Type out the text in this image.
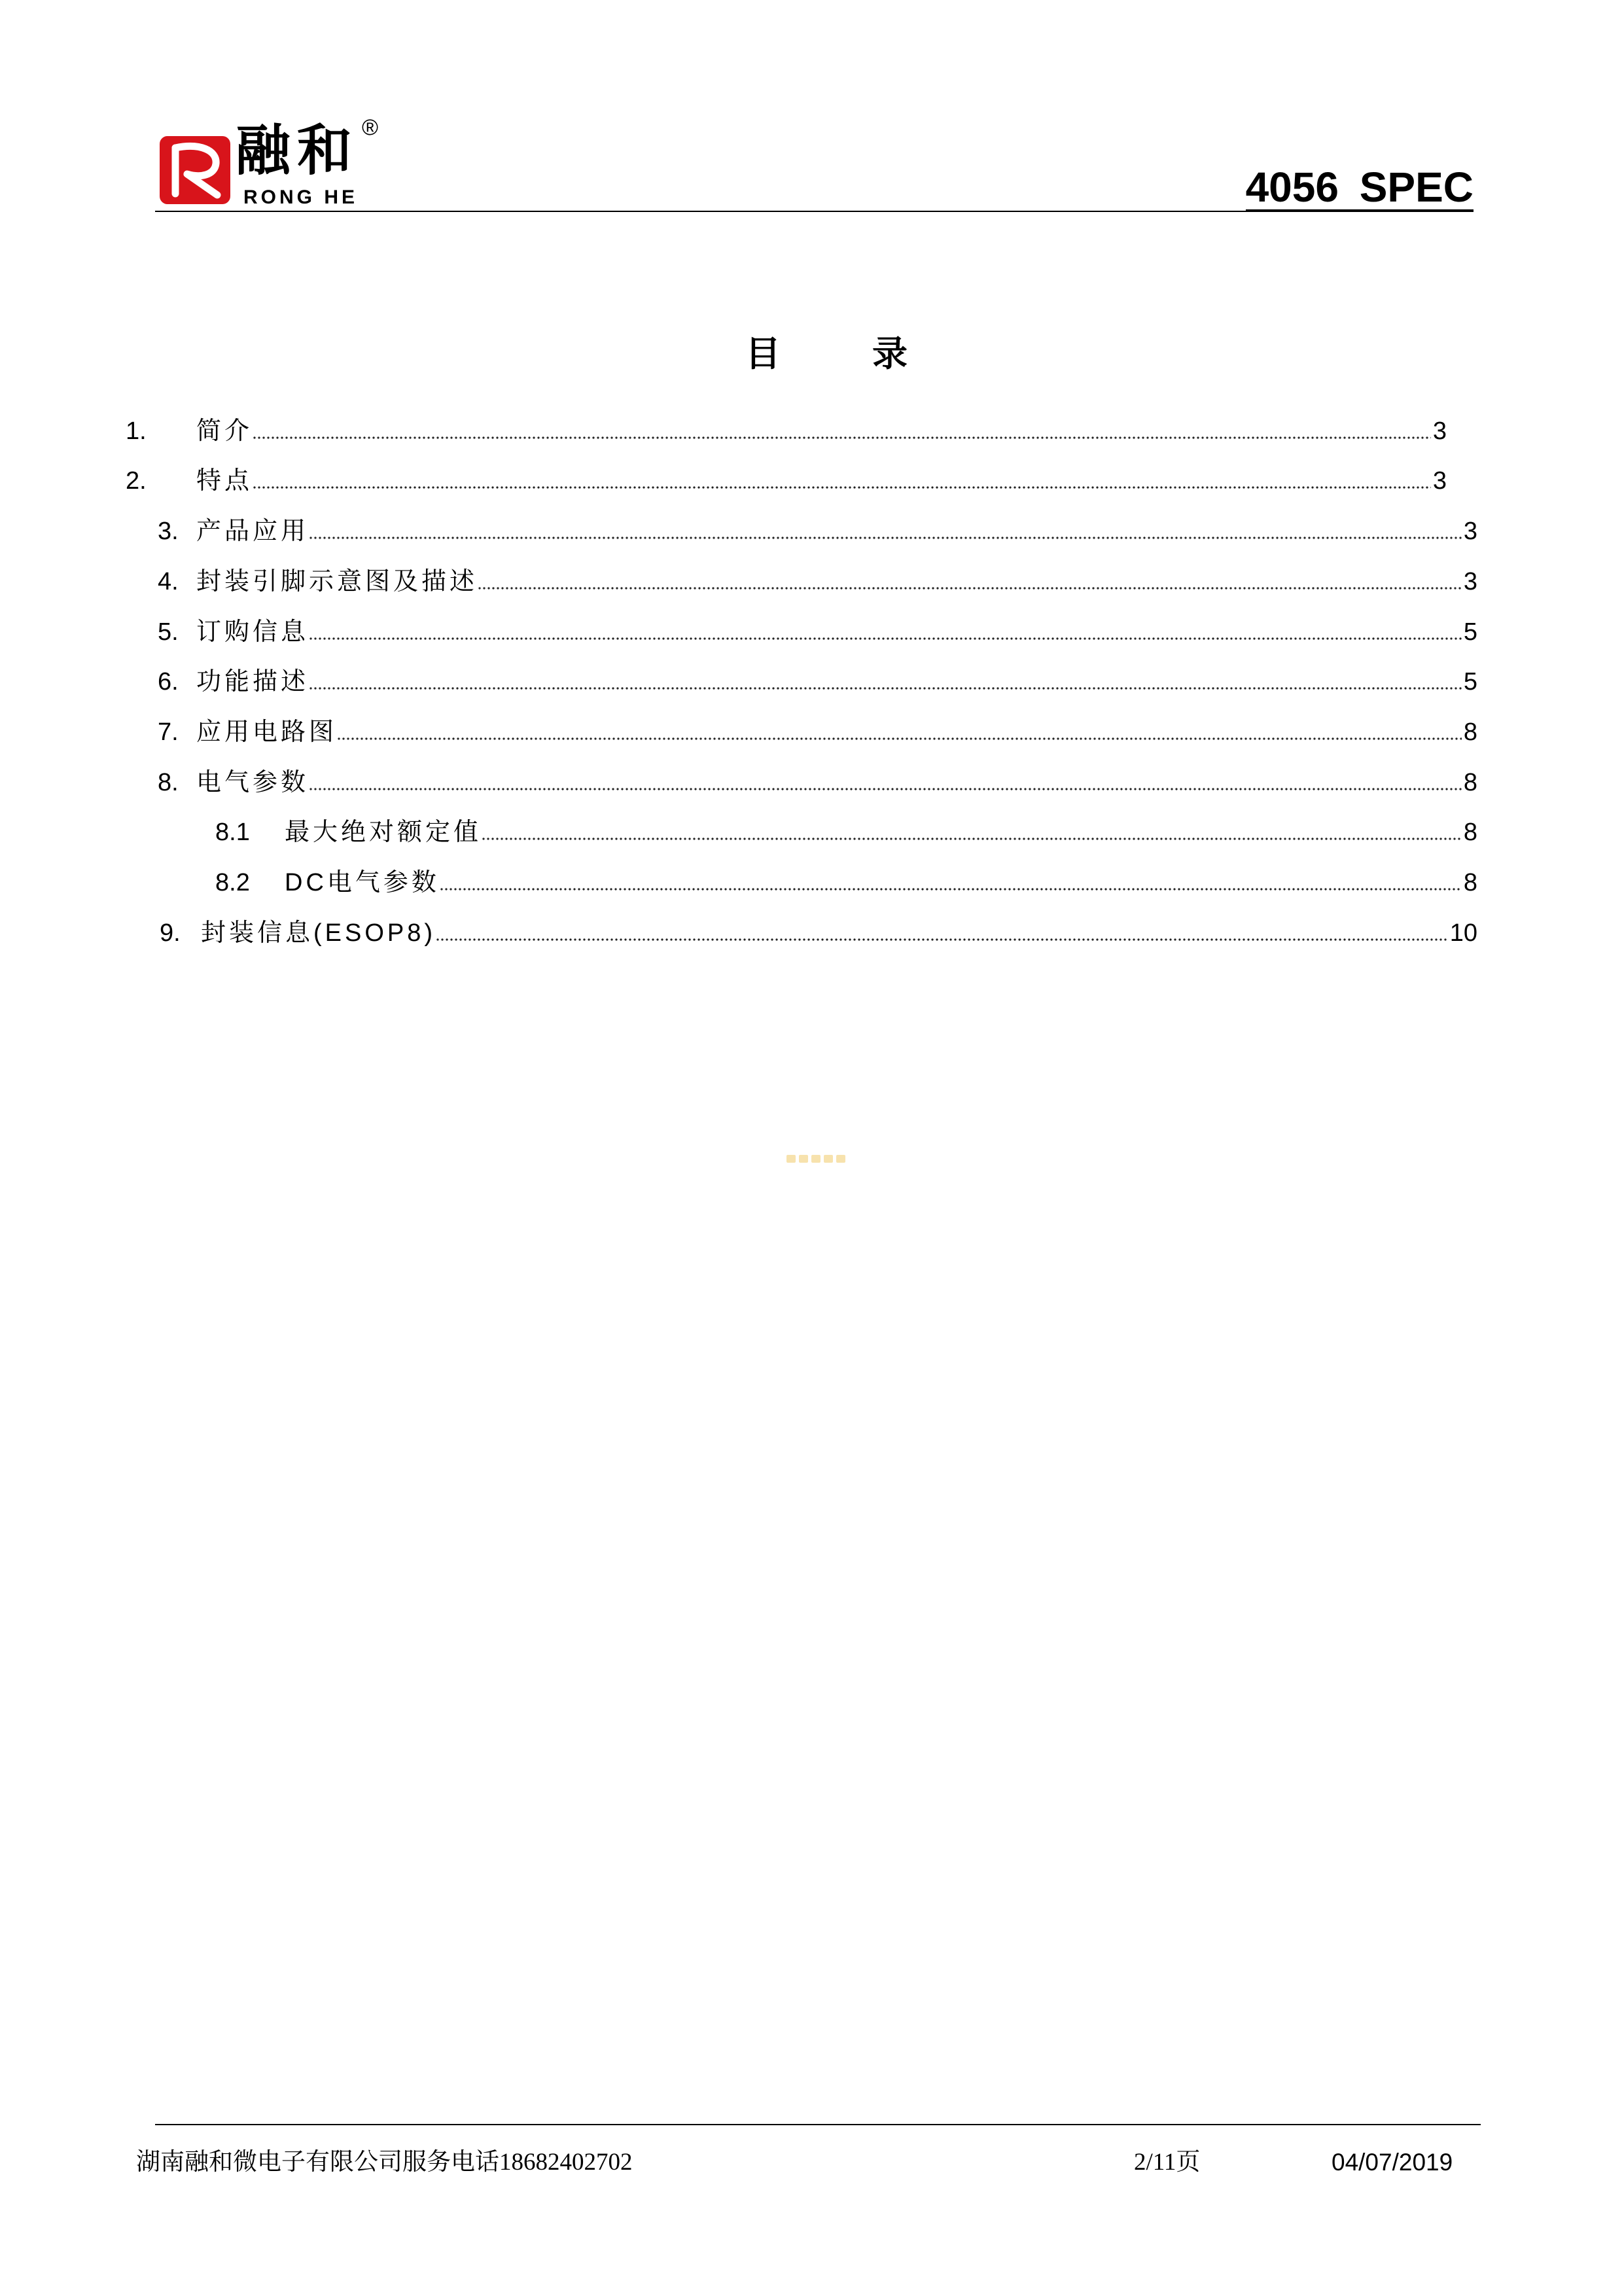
融和 ®
RONG HE	4056 SPEC
目 录
1. 简介	3
2. 特点	3
3. 产品应用	3
4. 封装引脚示意图及描述	3
5. 订购信息	5
6. 功能描述	5
7. 应用电路图	8
8. 电气参数	8
8.1 最大绝对额定值	8
8.2 DC电气参数	8
9. 封装信息(ESOP8)	10
湖南融和微电子有限公司服务电话18682402702	2/11页	04/07/2019
